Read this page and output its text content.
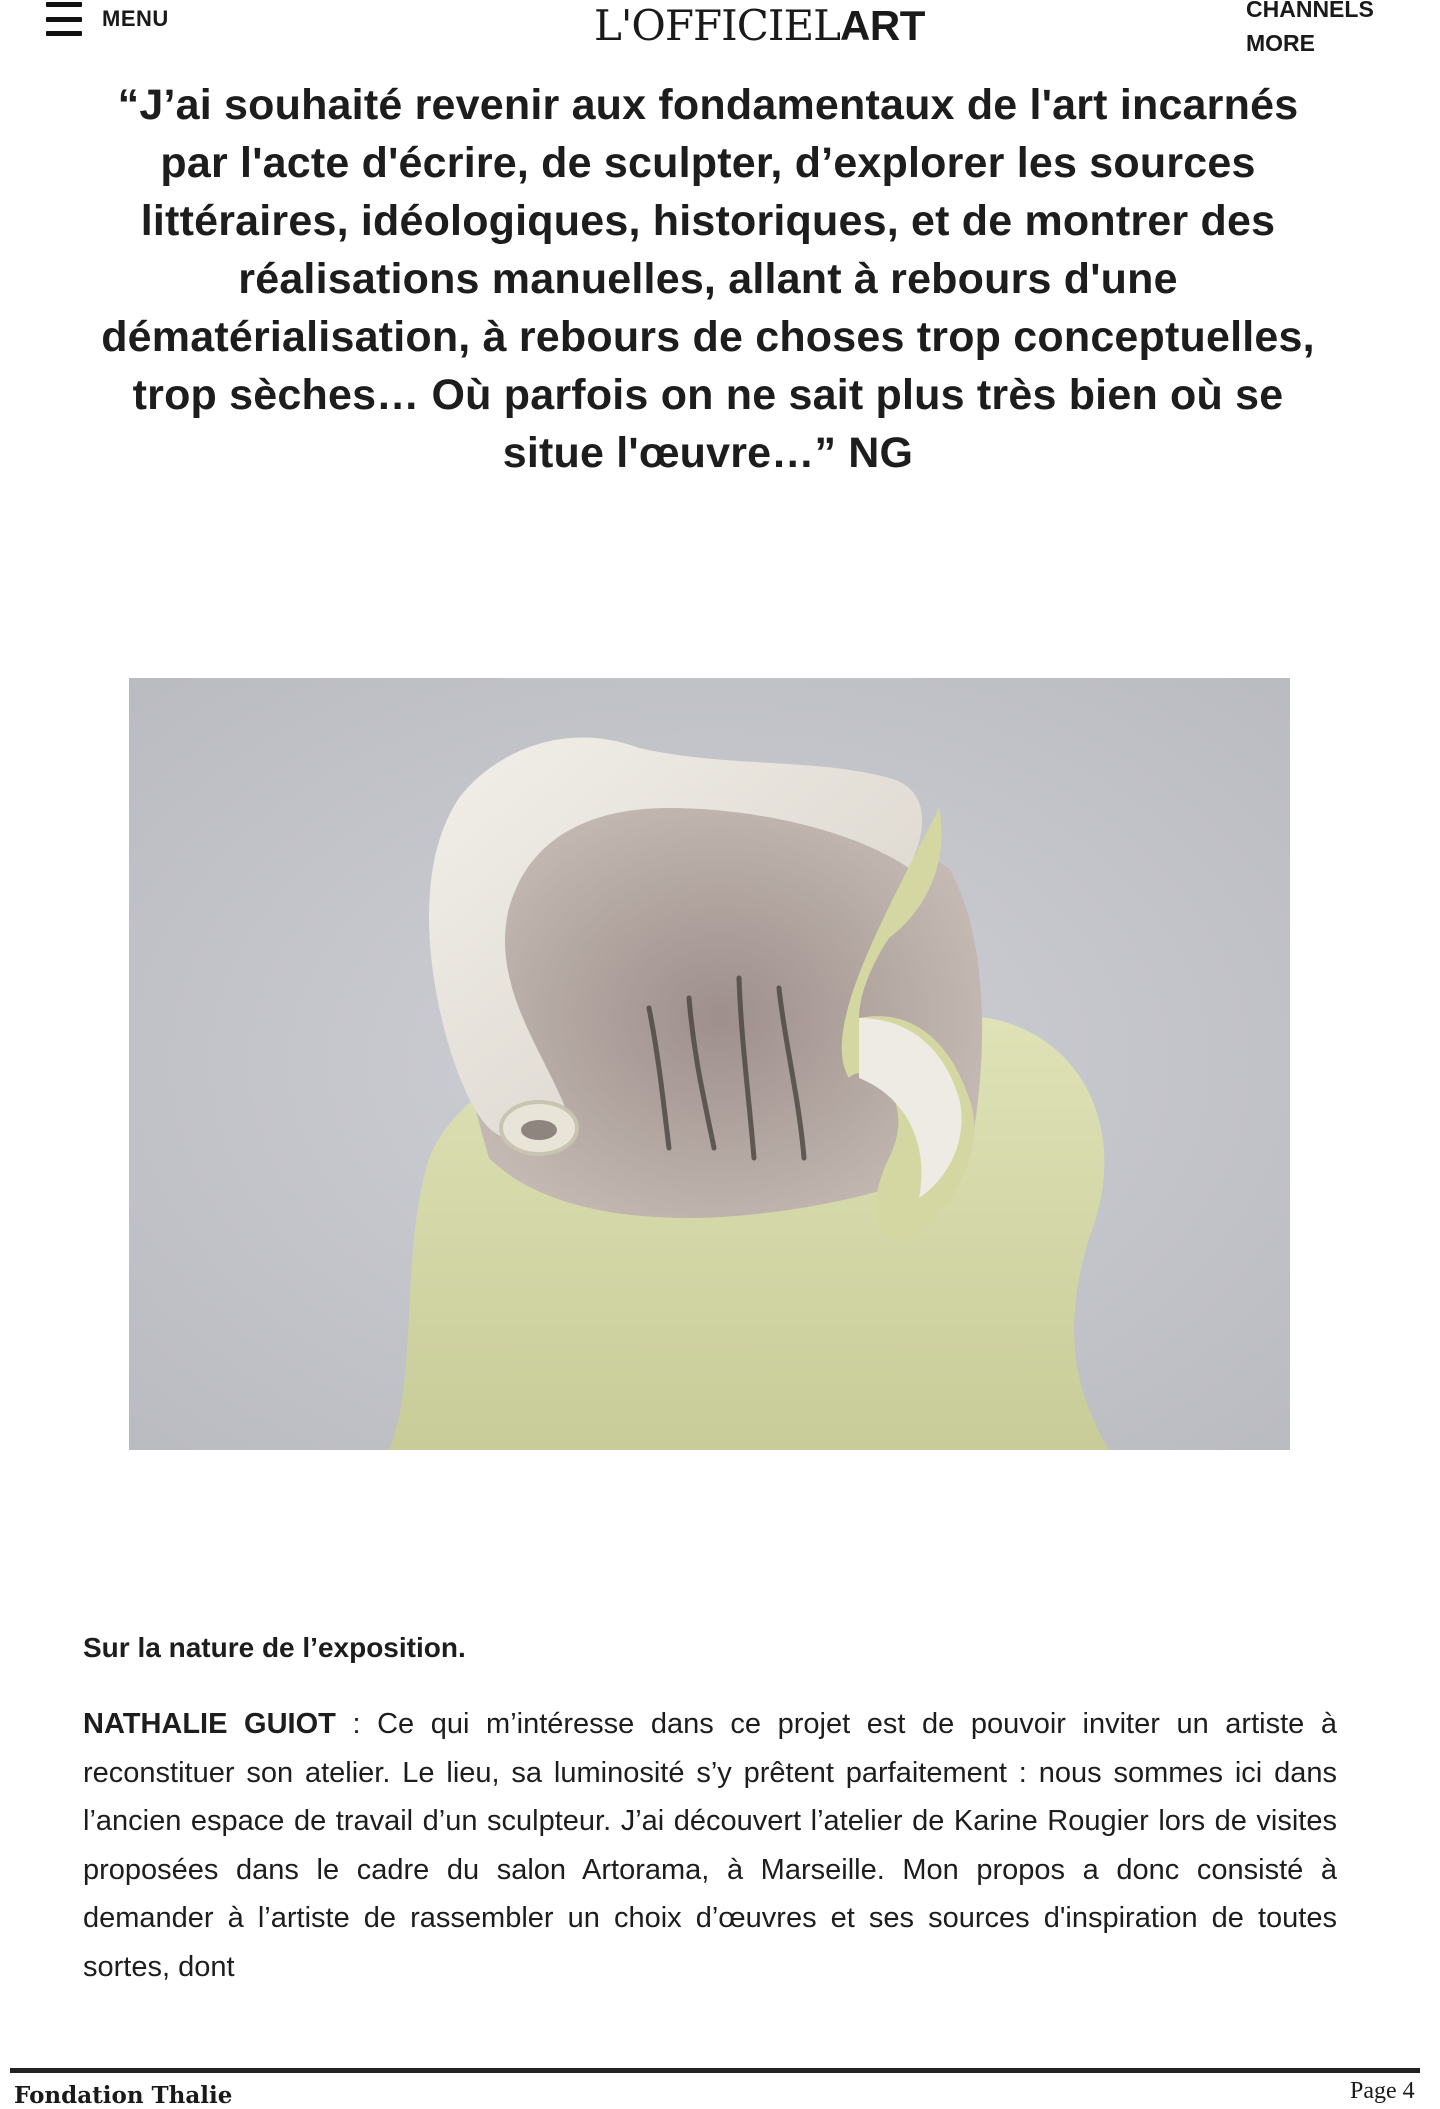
MENU	L'OFFICIELART	CHANNELS
MORE
“J’ai souhaité revenir aux fondamentaux de l'art incarnés par l'acte d'écrire, de sculpter, d’explorer les sources littéraires, idéologiques, historiques, et de montrer des réalisations manuelles, allant à rebours d'une dématérialisation, à rebours de choses trop conceptuelles, trop sèches… Où parfois on ne sait plus très bien où se situe l'œuvre…” NG
Sur la nature de l’exposition.

NATHALIE GUIOT : Ce qui m’intéresse dans ce projet est de pouvoir inviter un artiste à reconstituer son atelier. Le lieu, sa luminosité s’y prêtent parfaitement : nous sommes ici dans l’ancien espace de travail d’un sculpteur. J’ai découvert l’atelier de Karine Rougier lors de visites proposées dans le cadre du salon Artorama, à Marseille. Mon propos a donc consisté à demander à l’artiste de rassembler un choix d’œuvres et ses sources d'inspiration de toutes sortes, dont

Fondation Thalie	Page 4
